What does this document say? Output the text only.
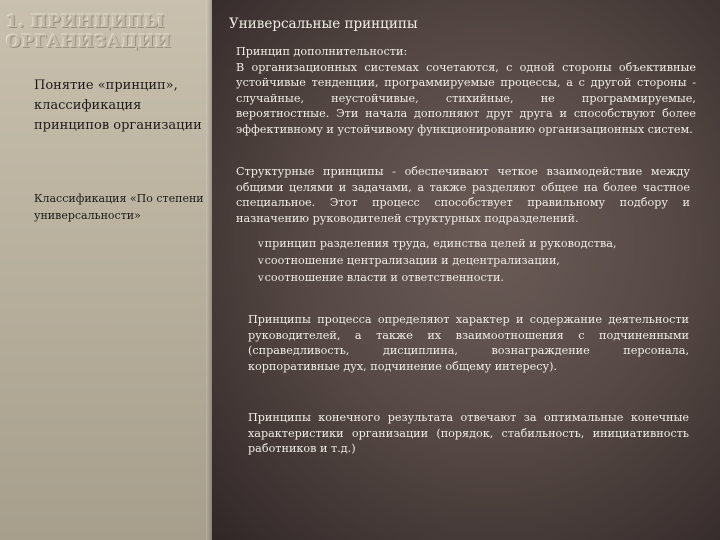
1. ПРИНЦИПЫ
ОРГАНИЗАЦИИ
Понятие «принцип», классификация принципов организации
Классификация «По степени универсальности»
Универсальные принципы
Принцип дополнительности:
В организационных системах сочетаются, с одной стороны объективные устойчивые тенденции, программируемые процессы, а с другой стороны - случайные, неустойчивые, стихийные, не программируемые, вероятностные. Эти начала дополняют друг друга и способствуют более эффективному и устойчивому функционированию организационных систем.
Структурные принципы - обеспечивают четкое взаимодействие между общими целями и задачами, а также разделяют общее на более частное специальное. Этот процесс способствует правильному подбору и назначению руководителей структурных подразделений.
vпринцип разделения труда, единства целей и руководства,
vсоотношение централизации и децентрализации,
vсоотношение власти и ответственности.
Принципы процесса определяют характер и содержание деятельности руководителей, а также их взаимоотношения с подчиненными (справедливость, дисциплина, вознаграждение персонала, корпоративные дух, подчинение общему интересу).
Принципы конечного результата отвечают за оптимальные конечные характеристики организации (порядок, стабильность, инициативность работников и т.д.)
